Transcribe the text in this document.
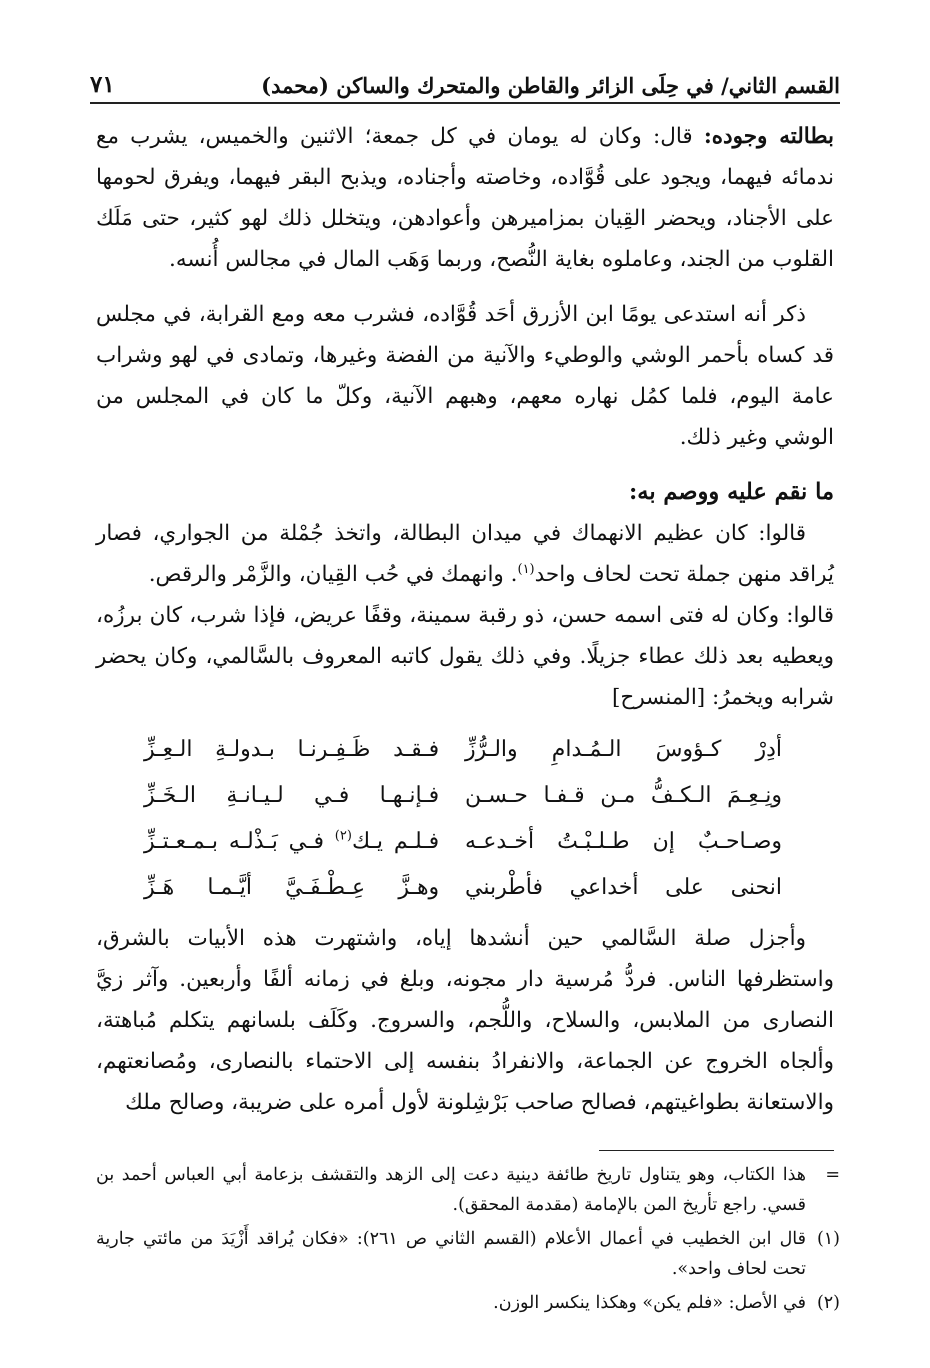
القسم الثاني/ في حِلَى الزائر والقاطن والمتحرك والساكن (محمد)
٧١

بطالته وجوده: قال: وكان له يومان في كل جمعة؛ الاثنين والخميس، يشرب مع ندمائه فيهما، ويجود على قُوَّاده، وخاصته وأجناده، ويذبح البقر فيهما، ويفرق لحومها على الأجناد، ويحضر القِيان بمزاميرهن وأعوادهن، ويتخلل ذلك لهو كثير، حتى مَلَك القلوب من الجند، وعاملوه بغاية النُّصح، وربما وَهَب المال في مجالس أُنسه.

ذكر أنه استدعى يومًا ابن الأزرق أحَد قُوَّاده، فشرب معه ومع القرابة، في مجلس قد كساه بأحمر الوشي والوطيء والآنية من الفضة وغيرها، وتمادى في لهو وشراب عامة اليوم، فلما كمُل نهاره معهم، وهبهم الآنية، وكلّ ما كان في المجلس من الوشي وغير ذلك.

ما نقم عليه ووصم به:

قالوا: كان عظيم الانهماك في ميدان البطالة، واتخذ جُمْلة من الجواري، فصار يُراقد منهن جملة تحت لحاف واحد$^{(١)}$. وانهمك في حُب القِيان، والزَّمْر والرقص.

قالوا: وكان له فتى اسمه حسن، ذو رقبة سمينة، وقفًا عريض، فإذا شرب، كان برزُه، ويعطيه بعد ذلك عطاء جزيلًا. وفي ذلك يقول كاتبه المعروف بالسَّالمي، وكان يحضر شرابه ويخمرُ: [المنسرح]

أدِرْ كـؤوسَ الـمُـدامِ والـرُّزِّ
فـقـد ظَـفِـرنـا بـدولـةِ الـعِـزِّ
ونِـعِـمَ الـكـفُّ مـن قـفـا حـسـن
فـإنـهـا فـي لـيـانـةِ الـخَـزِّ
وصـاحـبٌ إن طـلـبْـتُ أخـدعـه
فـلـم يـك$^{(٢)}$ فـي بَـذْلـه بـمـعـتـزِّ
انحنى على أخداعي فأطْربني
وهـزَّ عِـطْـفَـيَّ أيَّـمـا هَـزِّ

وأجزل صلة السَّالمي حين أنشدها إياه، واشتهرت هذه الأبيات بالشرق، واستظرفها الناس. فردُّ مُرسية دار مجونه، وبلغ في زمانه ألفًا وأربعين. وآثر زيَّ النصارى من الملابس، والسلاح، واللُّجم، والسروج. وكَلَف بلسانهم يتكلم مُباهتة، وألجاه الخروج عن الجماعة، والانفرادُ بنفسه إلى الاحتماء بالنصارى، ومُصانعتهم، والاستعانة بطواغيتهم، فصالح صاحب بَرْشِلونة لأول أمره على ضريبة، وصالح ملك

=
هذا الكتاب، وهو يتناول تاريخ طائفة دينية دعت إلى الزهد والتقشف بزعامة أبي العباس أحمد بن قسي. راجع تأريخ المن بالإمامة (مقدمة المحقق).
(١)
قال ابن الخطيب في أعمال الأعلام (القسم الثاني ص ٢٦١): «فكان يُراقد أَزْيَدَ من مائتي جارية تحت لحاف واحد».
(٢)
في الأصل: «فلم يكن» وهكذا ينكسر الوزن.
